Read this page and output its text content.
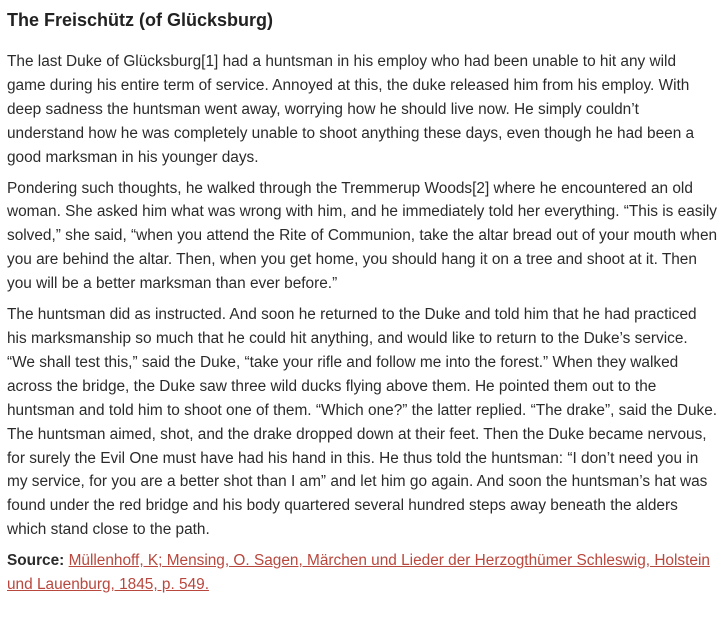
The Freischütz (of Glücksburg)

The last Duke of Glücksburg[1] had a huntsman in his employ who had been unable to hit any wild game during his entire term of service. Annoyed at this, the duke released him from his employ. With deep sadness the huntsman went away, worrying how he should live now. He simply couldn’t understand how he was completely unable to shoot anything these days, even though he had been a good marksman in his younger days.

Pondering such thoughts, he walked through the Tremmerup Woods[2] where he encountered an old woman. She asked him what was wrong with him, and he immediately told her everything. “This is easily solved,” she said, “when you attend the Rite of Communion, take the altar bread out of your mouth when you are behind the altar. Then, when you get home, you should hang it on a tree and shoot at it. Then you will be a better marksman than ever before.”

The huntsman did as instructed. And soon he returned to the Duke and told him that he had practiced his marksmanship so much that he could hit anything, and would like to return to the Duke’s service. “We shall test this,” said the Duke, “take your rifle and follow me into the forest.” When they walked across the bridge, the Duke saw three wild ducks flying above them. He pointed them out to the huntsman and told him to shoot one of them. “Which one?” the latter replied. “The drake”, said the Duke. The huntsman aimed, shot, and the drake dropped down at their feet. Then the Duke became nervous, for surely the Evil One must have had his hand in this. He thus told the huntsman: “I don’t need you in my service, for you are a better shot than I am” and let him go again. And soon the huntsman’s hat was found under the red bridge and his body quartered several hundred steps away beneath the alders which stand close to the path.

Source: Müllenhoff, K; Mensing, O. Sagen, Märchen und Lieder der Herzogthümer Schleswig, Holstein und Lauenburg, 1845, p. 549.
